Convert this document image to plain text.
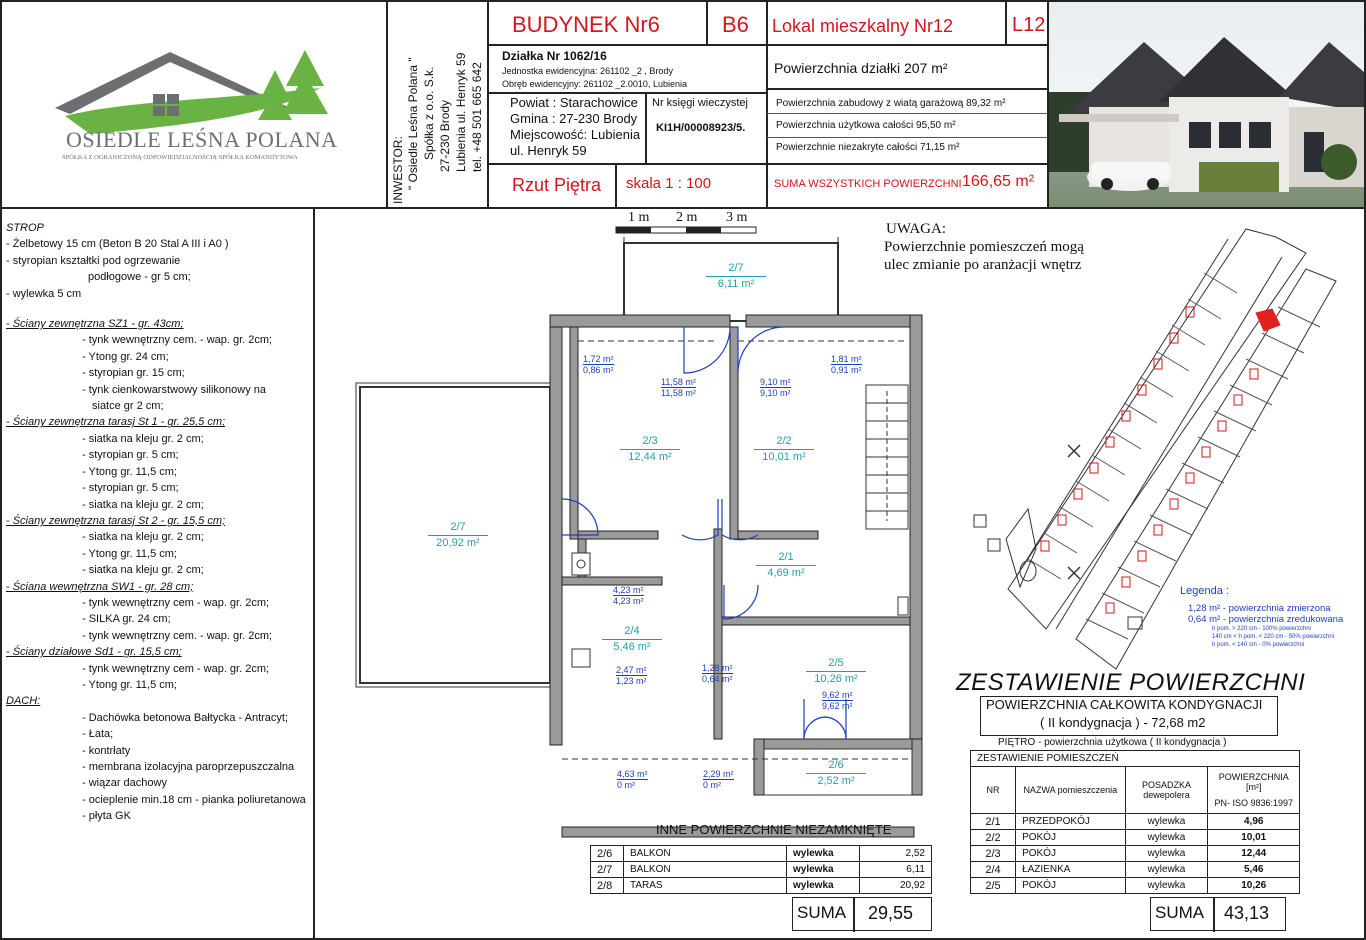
OSIEDLE LEŚNA POLANA
SPÓŁKA Z OGRANICZONĄ ODPOWIEDZIALNOŚCIĄ SPÓŁKA KOMANDYTOWA	INWESTOR: " Osiedle Leśna Polana " Spółka z o.o. S.k. 27-230 Brody Lubienia ul. Henryk 59 tel. +48 501 665 642
BUDYNEK Nr6	B6 Lokal mieszkalny Nr12	L12
Działka Nr 1062/16
Jednostka ewidencyjna: 261102 _2 , Brody
Obręb ewidencyjny: 261102 _2.0010, Lubienia
Powiat : Starachowice
Gmina : 27-230 Brody
Miejscowość: Lubienia
ul. Henryk 59
Nr księgi wieczystej
KI1H/00008923/5.
Rzut Piętra skala 1 : 100
Powierzchnia działki 207 m²
Powierzchnia zabudowy z wiatą garażową 89,32 m²
Powierzchnia użytkowa całości 95,50 m²
Powierzchnie niezakryte całości 71,15 m²
SUMA WSZYSTKICH POWIERZCHNI 166,65 m²
STROP
- Żelbetowy 15 cm (Beton B 20 Stal A III i A0 )
- styropian kształtki pod ogrzewanie
podłogowe - gr 5 cm;
- wylewka 5 cm
- Ściany zewnętrzna SZ1 - gr. 43cm;
- tynk wewnętrzny cem. - wap. gr. 2cm;
- Ytong gr. 24 cm;
- styropian gr. 15 cm;
- tynk cienkowarstwowy silikonowy na
siatce gr 2 cm;
- Ściany zewnętrzna tarasj St 1 - gr. 25,5 cm;
- siatka na kleju gr. 2 cm;
- styropian gr. 5 cm;
- Ytong gr. 11,5 cm;
- styropian gr. 5 cm;
- siatka na kleju gr. 2 cm;
- Ściany zewnętrzna tarasj St 2 - gr. 15,5 cm;
- siatka na kleju gr. 2 cm;
- Ytong gr. 11,5 cm;
- siatka na kleju gr. 2 cm;
- Ściana wewnętrzna SW1 - gr. 28 cm;
- tynk wewnętrzny cem - wap. gr. 2cm;
- SILKA gr. 24 cm;
- tynk wewnętrzny cem. - wap. gr. 2cm;
- Ściany działowe Sd1 - gr. 15,5 cm;
- tynk wewnętrzny cem - wap. gr. 2cm;
- Ytong gr. 11,5 cm;
DACH:
- Dachówka betonowa Bałtycka - Antracyt;
- Łata;
- kontrłaty
- membrana izolacyjna paroprzepuszczalna
- wiązar dachowy
- ocieplenie min.18 cm - pianka poliuretanowa
- płyta GK
1 m 2 m 3 m
UWAGA:
Powierzchnie pomieszczeń mogą
ulec zmianie po aranżacji wnętrz
2/7
6,11 m²
2/3
12,44 m²
2/2
10,01 m²
2/7
20,92 m²
2/1
4,69 m²
2/4
5,46 m²
2/5
10,26 m²
2/6
2,52 m²
1,72 m²
0,86 m²
11,58 m²
11,58 m²
9,10 m²
9,10 m²
1,81 m²
0,91 m²
4,23 m²
4,23 m²
2,47 m²
1,23 m²
1,28 m²
0,64 m²
9,62 m²
9,62 m²
4,63 m²
0 m²
2,29 m²
0 m²
Legenda :
1,28 m² - powierzchnia zmierzona
0,64 m² - powierzchnia zredukowana
h pom. > 220 cm - 100% powierzchni
140 cm < h pom. < 220 cm - 50% powierzchni
h pom. < 140 cm - 0% powierzchni
INNE POWIERZCHNIE NIEZAMKNIĘTE
2/6	BALKON	wylewka	2,52
2/7	BALKON	wylewka	6,11
2/8	TARAS	wylewka	20,92
SUMA 29,55
ZESTAWIENIE POWIERZCHNI
POWIERZCHNIA CAŁKOWITA KONDYGNACJI
( II kondygnacja ) - 72,68 m2
PIĘTRO - powierzchnia użytkowa ( II kondygnacja )
ZESTAWIENIE POMIESZCZEŃ			
NR	NAZWA pomieszczenia	POSADZKA dewepolera	POWIERZCHNIA [m²]
PN- ISO 9836:1997

2/1	PRZEDPOKÓJ	wylewka	4,96
2/2	POKÓJ	wylewka	10,01
2/3	POKÓJ	wylewka	12,44
2/4	ŁAZIENKA	wylewka	5,46
2/5	POKÓJ	wylewka	10,26
SUMA 43,13
